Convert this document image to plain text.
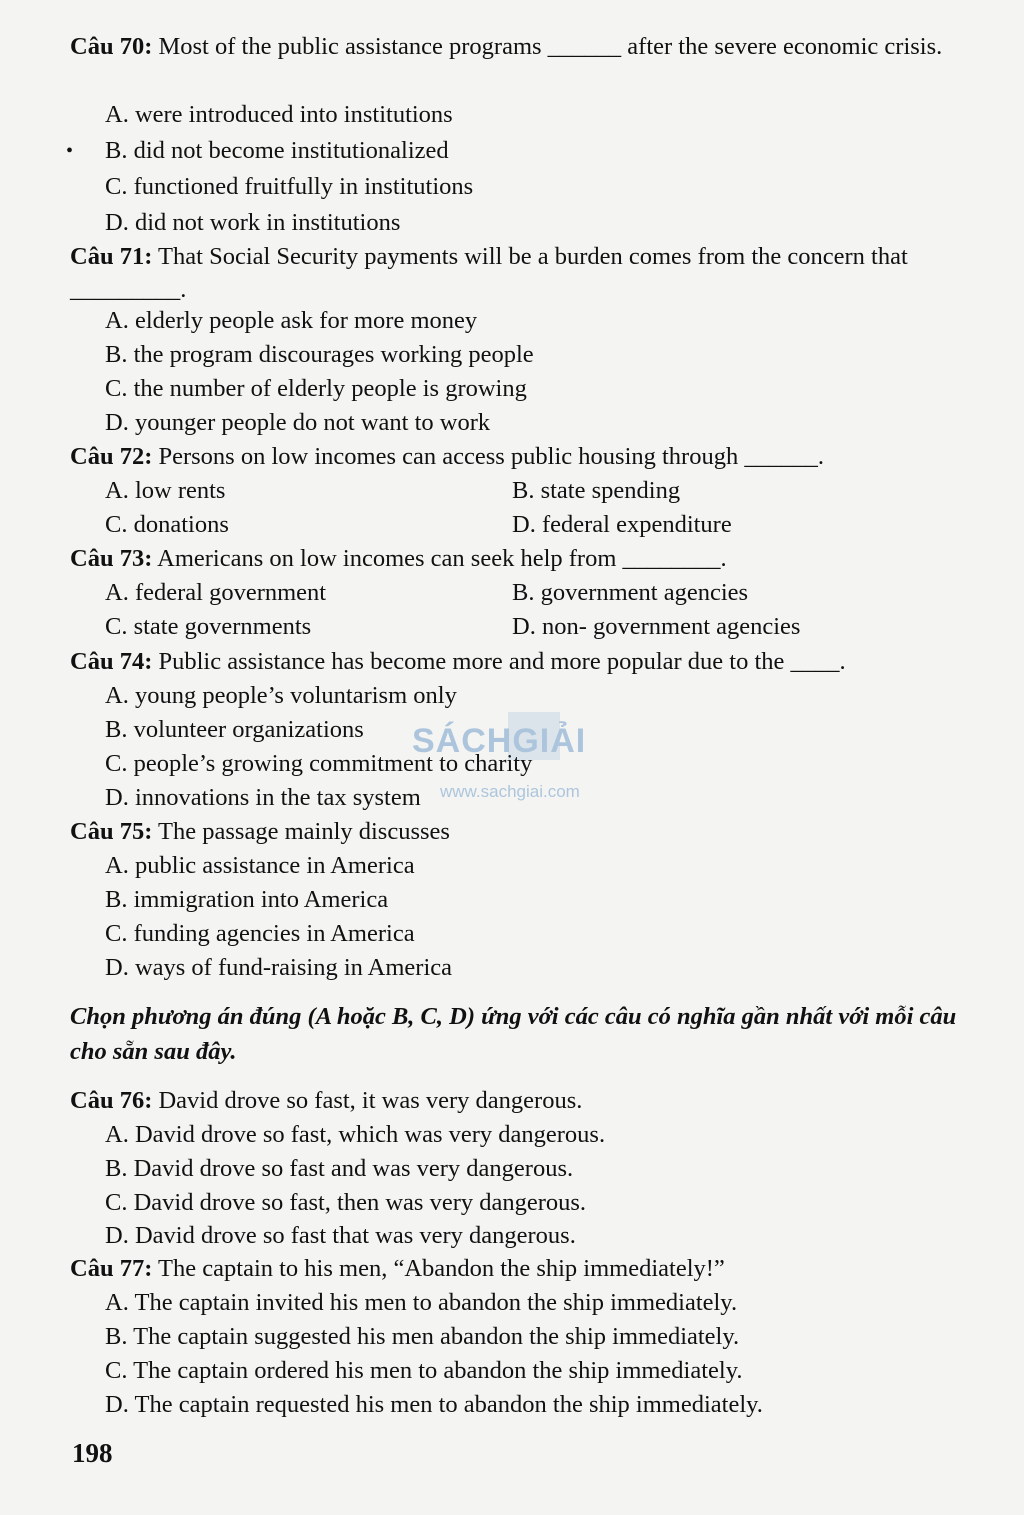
Câu 70: Most of the public assistance programs ______ after the severe economic crisis.
•
A. were introduced into institutions
B. did not become institutionalized
C. functioned fruitfully in institutions
D. did not work in institutions
Câu 71: That Social Security payments will be a burden comes from the concern that _________.
A. elderly people ask for more money
B. the program discourages working people
C. the number of elderly people is growing
D. younger people do not want to work
Câu 72: Persons on low incomes can access public housing through ______.
A. low rents	B. state spending
C. donations	D. federal expenditure
Câu 73: Americans on low incomes can seek help from ________.
A. federal government	B. government agencies
C. state governments	D. non- government agencies
Câu 74: Public assistance has become more and more popular due to the ____.
A. young people’s voluntarism only
B. volunteer organizations
C. people’s growing commitment to charity
D. innovations in the tax system
SÁCHGIẢI
www.sachgiai.com
Câu 75: The passage mainly discusses
A. public assistance in America
B. immigration into America
C. funding agencies in America
D. ways of fund-raising in America
Chọn phương án đúng (A hoặc B, C, D) ứng với các câu có nghĩa gần nhất với mỗi câu cho sẵn sau đây.
Câu 76: David drove so fast, it was very dangerous.
A. David drove so fast, which was very dangerous.
B. David drove so fast and was very dangerous.
C. David drove so fast, then was very dangerous.
D. David drove so fast that was very dangerous.
Câu 77: The captain to his men, “Abandon the ship immediately!”
A. The captain invited his men to abandon the ship immediately.
B. The captain suggested his men abandon the ship immediately.
C. The captain ordered his men to abandon the ship immediately.
D. The captain requested his men to abandon the ship immediately.
198
